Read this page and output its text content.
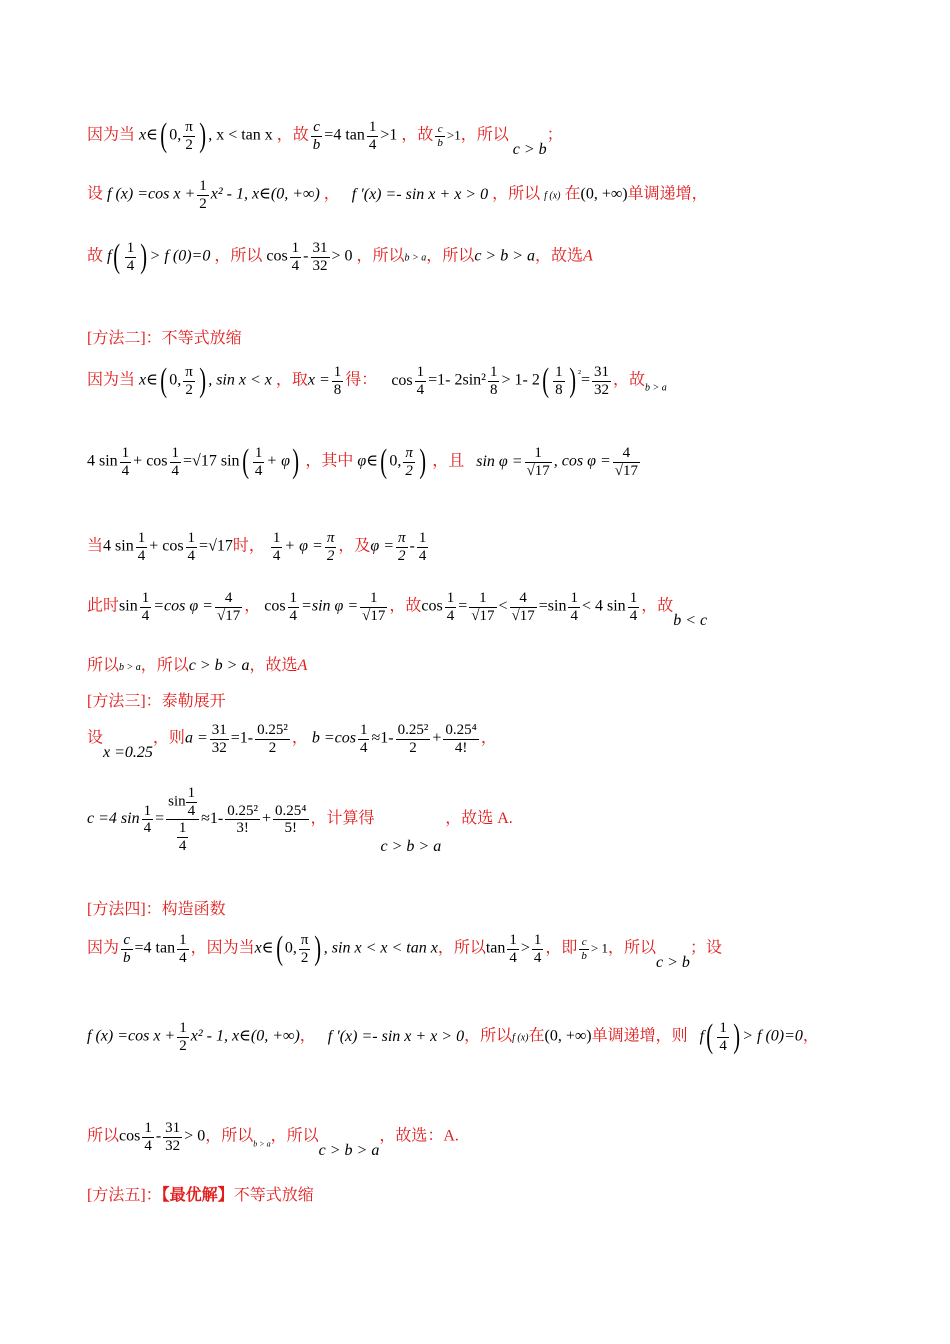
因为当 x∈( 0, $\frac{\pi}{2}$ ) , x < tan x ，故 $\frac{c}{b} =4$ $\tan \frac{1}{4} >1$ ，故 $\frac{c}{b} >1$，所以 c > b；
设 f (x) =cos $x + \frac{1}{2} x^2 - 1$, x∈(0, +∞) ， f ′(x) =- sin x + x > 0 ，所以 f (x) 在(0, +∞)单调递增，
故 $f( \frac{1}{4}$ ) > f (0)=0 ，所以 $\cos \frac{1}{4} - \frac{31}{32} > 0$ ，所以b > a，所以c > b > a，故选A
[方法二]：不等式放缩
因为当 x∈( 0, $\frac{\pi}{2}$ ) , sin x < x ，取$x = \frac{1}{8}$ 得： $\cos \frac{1}{4} =1-$ $2\sin^2 \frac{1}{8} > 1-$ $2( \frac{1}{8}$ ) $^{^2}= \frac{31}{32}$ ，故$_{b > a}$
4 $\sin \frac{1}{4} + \cos \frac{1}{4} =√17$ $\sin( \frac{1}{4} + \varphi)$ ，其中 φ∈( 0, $\frac{\pi}{2}$ ) ，且 $\sin \varphi = \frac{1}{√17}$ , $\cos \varphi = \frac{4}{√17}$
当4 $\sin \frac{1}{4} + \cos \frac{1}{4} =√17$时， $\frac{1}{4} + \varphi = \frac{\pi}{2}$ ，及$\varphi = \frac{\pi}{2} - \frac{1}{4}$
此时$\sin \frac{1}{4} =\cos$ $\varphi = \frac{4}{√17}$ ， $\cos \frac{1}{4} =\sin$ $\varphi = \frac{1}{√17}$ ，故$\cos \frac{1}{4} = \frac{1}{√17} < \frac{4}{√17} =\sin \frac{1}{4} < 4$ $\sin \frac{1}{4}$ ，故b < c
所以b > a，所以c > b > a，故选A
[方法三]：泰勒展开
设x =0.25，则$a = \frac{31}{32} =1- \frac{\text{0.25²}}{2}$ ， $b =\cos \frac{1}{4} \approx 1- \frac{\text{0.25²}}{2} + \frac{\text{0.25⁴}}{4!}$ ，
c =4 $\sin \frac{1}{4} = \frac{\sin \frac{1}{4}}{\frac{1}{4}} \approx 1- \frac{\text{0.25²}}{3!} + \frac{\text{0.25⁴}}{5!}$ ，计算得 c > b > a ，故选 A.
[方法四]：构造函数
因为 $\frac{c}{b} =4$ $\tan \frac{1}{4}$ ，因为当x∈( 0, $\frac{\pi}{2}$ ) , sin x < x < tan x，所以$\tan \frac{1}{4} > \frac{1}{4}$ ，即 $\frac{c}{b} > 1$，所以c > b；设
f (x) =cos $x + \frac{1}{2} x^2 - 1$, x∈(0, +∞)， f ′(x) =- sin x + x > 0，所以f (x)在(0, +∞)单调递增，则 $f( \frac{1}{4}$ ) > f (0)=0，
所以$\cos \frac{1}{4} - \frac{31}{32} > 0$，所以$_{b > a}$，所以c > b > a，故选：A.
[方法五]：【最优解】不等式放缩
